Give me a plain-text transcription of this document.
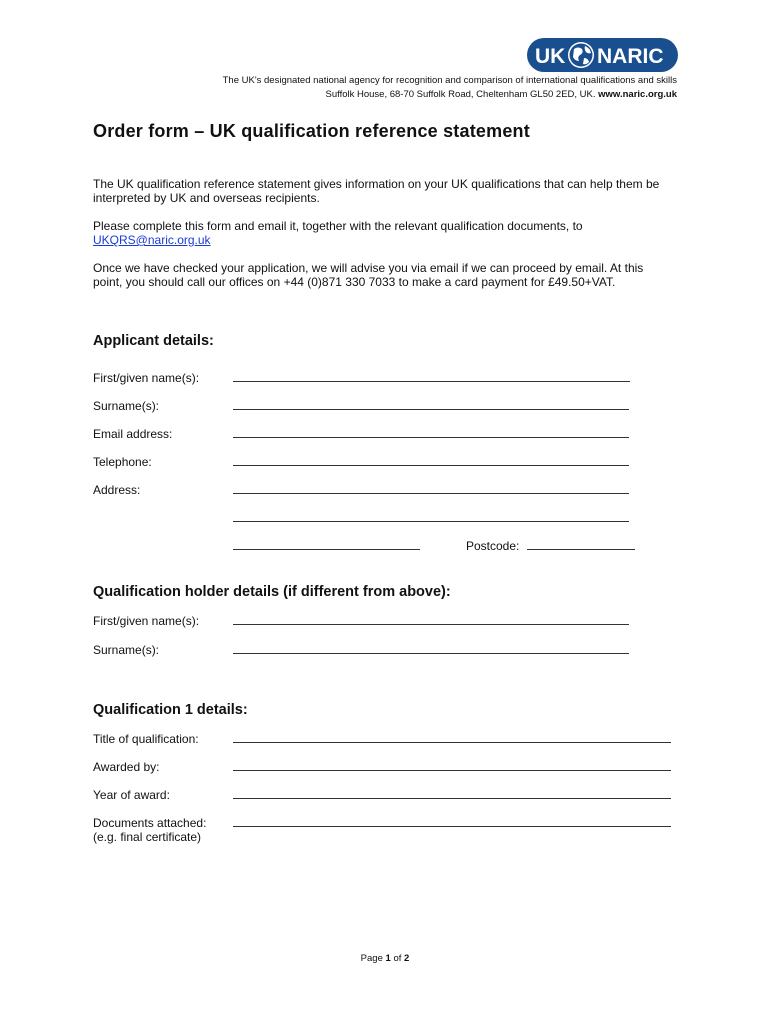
UK NARIC
The UK's designated national agency for recognition and comparison of international qualifications and skills
Suffolk House, 68-70 Suffolk Road, Cheltenham GL50 2ED, UK. www.naric.org.uk
Order form – UK qualification reference statement

The UK qualification reference statement gives information on your UK qualifications that can help them be interpreted by UK and overseas recipients.

Please complete this form and email it, together with the relevant qualification documents, to
UKQRS@naric.org.uk

Once we have checked your application, we will advise you via email if we can proceed by email. At this point, you should call our offices on +44 (0)871 330 7033 to make a card payment for £49.50+VAT.

Applicant details:
First/given name(s):
Surname(s):
Email address:
Telephone:
Address:
Postcode:
Qualification holder details (if different from above):
First/given name(s):
Surname(s):
Qualification 1 details:
Title of qualification:
Awarded by:
Year of award:
Documents attached:
(e.g. final certificate)
Page 1 of 2
